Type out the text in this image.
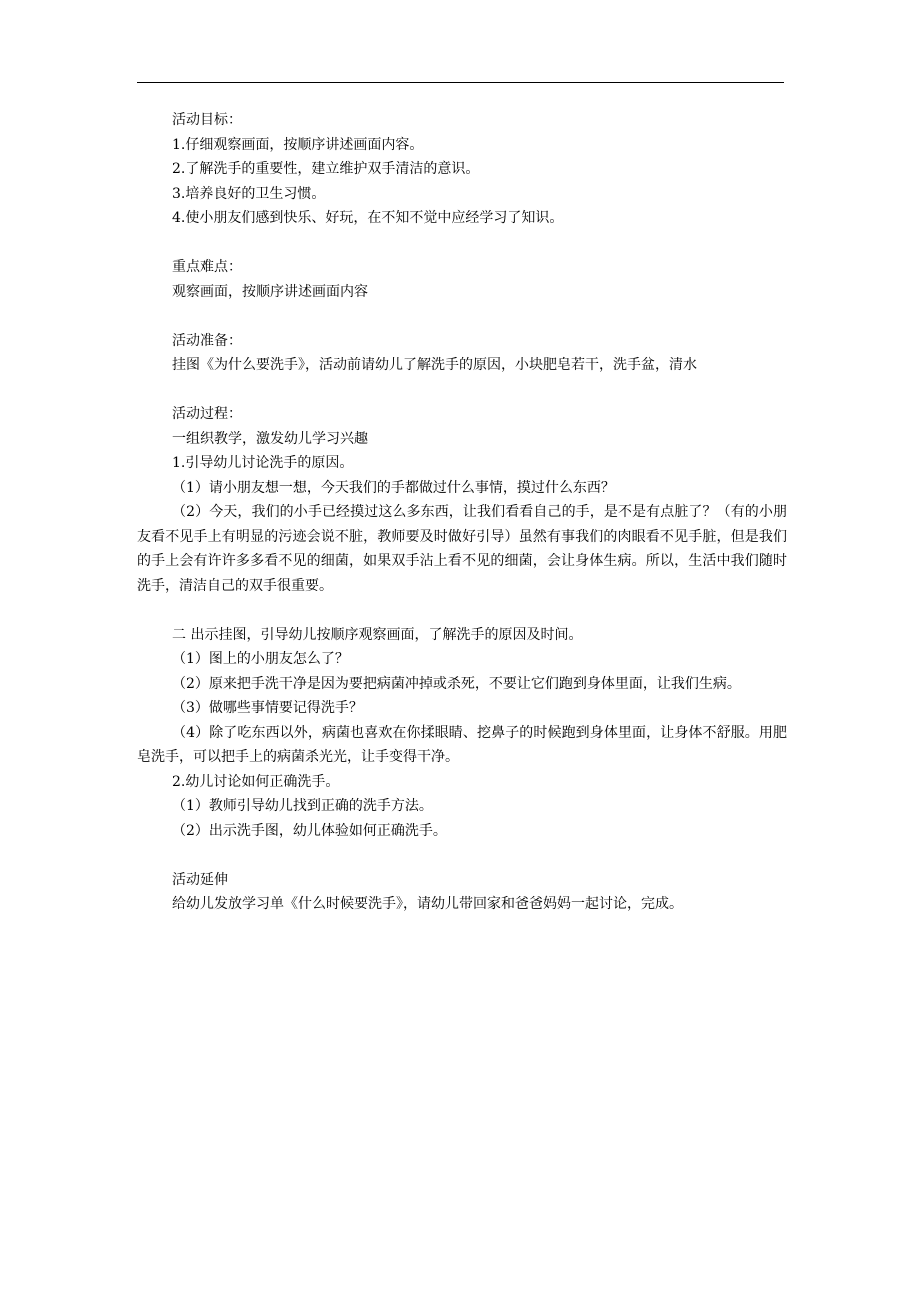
活动目标：
1.仔细观察画面，按顺序讲述画面内容。
2.了解洗手的重要性，建立维护双手清洁的意识。
3.培养良好的卫生习惯。
4.使小朋友们感到快乐、好玩，在不知不觉中应经学习了知识。
重点难点：
观察画面，按顺序讲述画面内容
活动准备：
挂图《为什么要洗手》，活动前请幼儿了解洗手的原因，小块肥皂若干，洗手盆，清水
活动过程：
一组织教学，激发幼儿学习兴趣
1.引导幼儿讨论洗手的原因。
（1）请小朋友想一想，今天我们的手都做过什么事情，摸过什么东西？
（2）今天，我们的小手已经摸过这么多东西，让我们看看自己的手，是不是有点脏了？（有的小朋友看不见手上有明显的污迹会说不脏，教师要及时做好引导）虽然有事我们的肉眼看不见手脏，但是我们的手上会有许许多多看不见的细菌，如果双手沾上看不见的细菌，会让身体生病。所以，生活中我们随时洗手，清洁自己的双手很重要。
二 出示挂图，引导幼儿按顺序观察画面，了解洗手的原因及时间。
（1）图上的小朋友怎么了？
（2）原来把手洗干净是因为要把病菌冲掉或杀死，不要让它们跑到身体里面，让我们生病。
（3）做哪些事情要记得洗手？
（4）除了吃东西以外，病菌也喜欢在你揉眼睛、挖鼻子的时候跑到身体里面，让身体不舒服。用肥皂洗手，可以把手上的病菌杀光光，让手变得干净。
2.幼儿讨论如何正确洗手。
（1）教师引导幼儿找到正确的洗手方法。
（2）出示洗手图，幼儿体验如何正确洗手。
活动延伸
给幼儿发放学习单《什么时候要洗手》，请幼儿带回家和爸爸妈妈一起讨论，完成。
